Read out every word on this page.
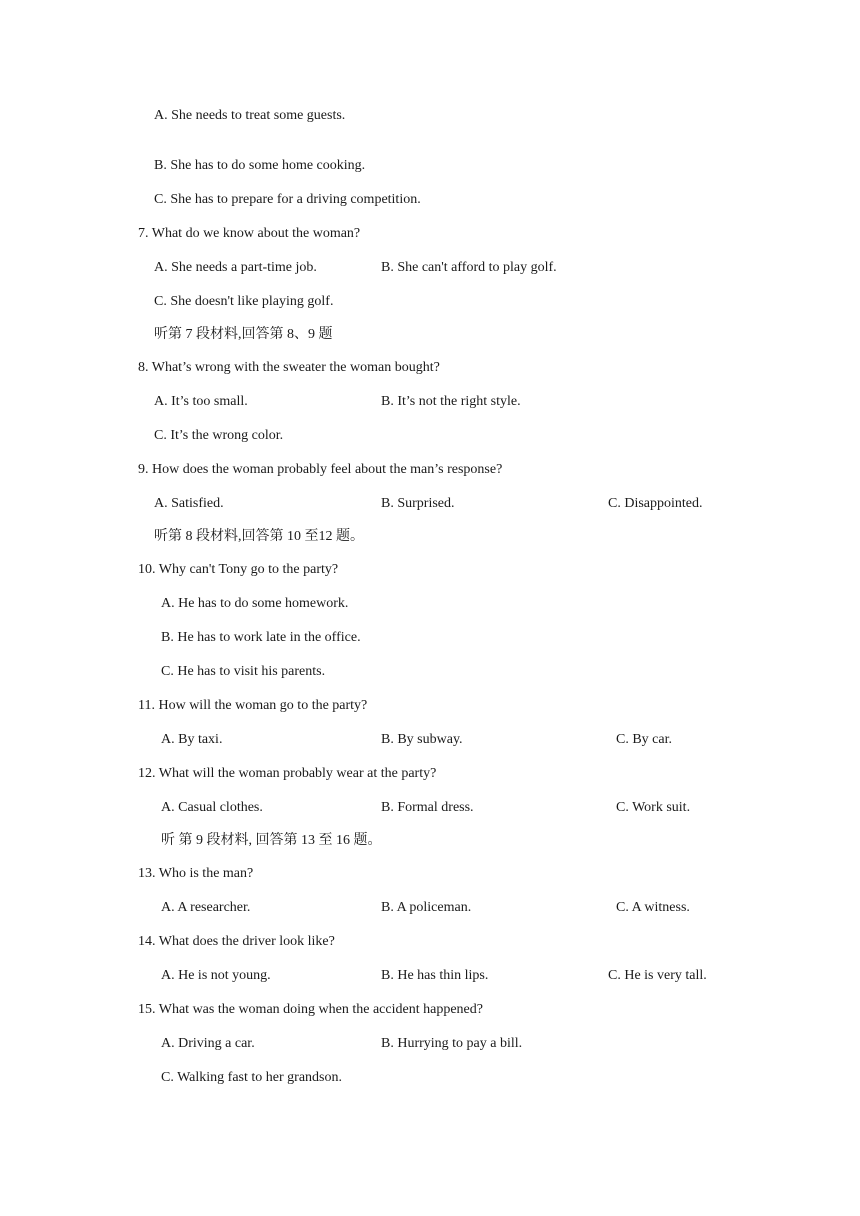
A. She needs to treat some guests.
B. She has to do some home cooking.
C. She has to prepare for a driving competition.
7. What do we know about the woman?
A. She needs a part-time job.	B. She can't afford to play golf.
C. She doesn't like playing golf.
听第 7 段材料,回答第 8、9 题
8. What’s wrong with the sweater the woman bought?
A. It’s too small.	B. It’s not the right style.
C. It’s the wrong color.
9. How does the woman probably feel about the man’s response?
A. Satisfied.	B. Surprised.	C. Disappointed.
听第 8 段材料,回答第 10 至12 题。
10. Why can't Tony go to the party?
A. He has to do some homework.
B. He has to work late in the office.
C. He has to visit his parents.
11. How will the woman go to the party?
A. By taxi.	B. By subway.	C. By car.
12. What will the woman probably wear at the party?
A. Casual clothes.	B. Formal dress.	C. Work suit.
听 第 9 段材料, 回答第 13 至 16 题。
13. Who is the man?
A. A researcher.	B. A policeman.	C. A witness.
14. What does the driver look like?
A. He is not young.	B. He has thin lips.	C. He is very tall.
15. What was the woman doing when the accident happened?
A. Driving a car.	B. Hurrying to pay a bill.
C. Walking fast to her grandson.
